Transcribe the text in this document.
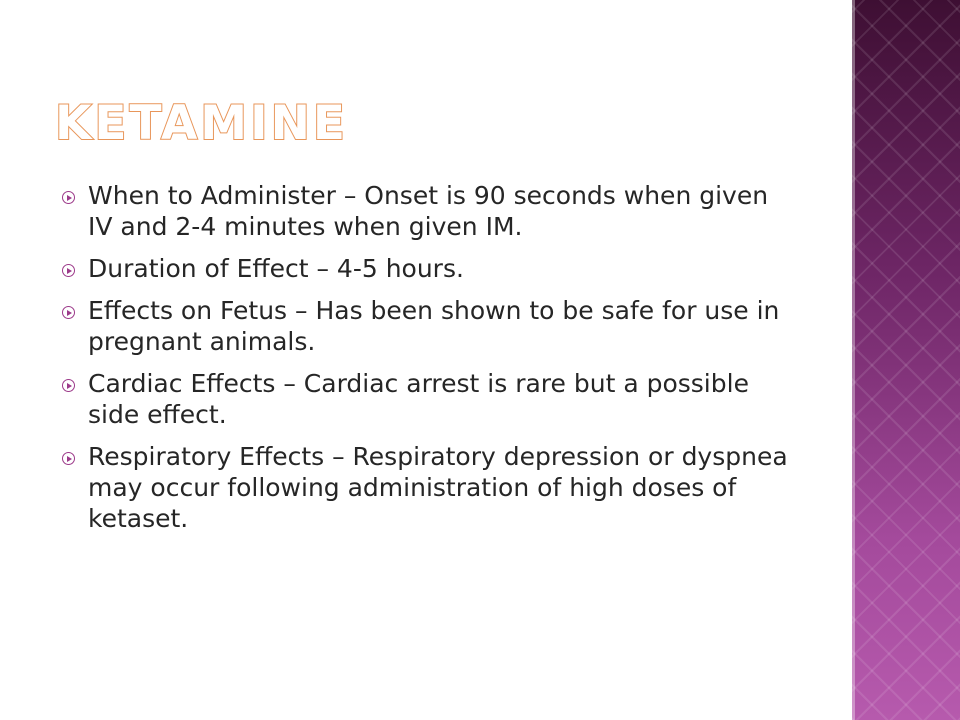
KETAMINE
When to Administer – Onset is 90 seconds when given IV and 2-4 minutes when given IM.
Duration of Effect – 4-5 hours.
Effects on Fetus – Has been shown to be safe for use in pregnant animals.
Cardiac Effects – Cardiac arrest is rare but a possible side effect.
Respiratory Effects – Respiratory depression or dyspnea may occur following administration of high doses of ketaset.
